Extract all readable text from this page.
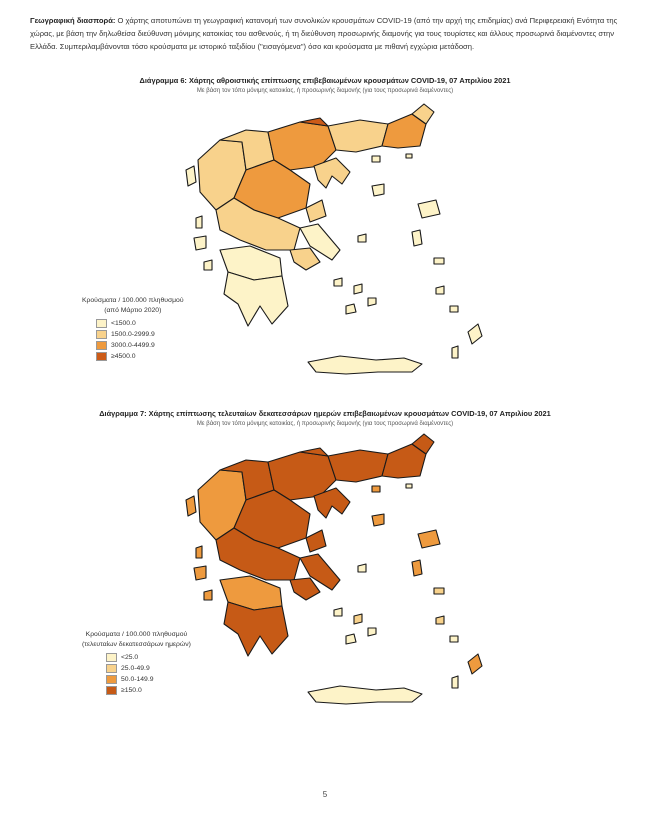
Γεωγραφική διασπορά: Ο χάρτης αποτυπώνει τη γεωγραφική κατανομή των συνολικών κρουσμάτων COVID-19 (από την αρχή της επιδημίας) ανά Περιφερειακή Ενότητα της χώρας, με βάση την δηλωθείσα διεύθυνση μόνιμης κατοικίας του ασθενούς, ή τη διεύθυνση προσωρινής διαμονής για τους τουρίστες και άλλους προσωρινά διαμένοντες στην Ελλάδα. Συμπεριλαμβάνονται τόσο κρούσματα με ιστορικό ταξιδίου ("εισαγόμενα") όσο και κρούσματα με πιθανή εγχώρια μετάδοση.
Διάγραμμα 6: Χάρτης αθροιστικής επίπτωσης επιβεβαιωμένων κρουσμάτων COVID-19, 07 Απριλίου 2021
Με βάση τον τόπο μόνιμης κατοικίας, ή προσωρινής διαμονής (για τους προσωρινά διαμένοντες)
Κρούσματα / 100.000 πληθυσμού
(από Μάρτιο 2020)
<1500.0
1500.0-2999.9
3000.0-4499.9
≥4500.0
Διάγραμμα 7: Χάρτης επίπτωσης τελευταίων δεκατεσσάρων ημερών επιβεβαιωμένων κρουσμάτων COVID-19, 07 Απριλίου 2021
Με βάση τον τόπο μόνιμης κατοικίας, ή προσωρινής διαμονής (για τους προσωρινά διαμένοντες)
Κρούσματα / 100.000 πληθυσμού
(τελευταίων δεκατεσσάρων ημερών)
<25.0
25.0-49.9
50.0-149.9
≥150.0
5
